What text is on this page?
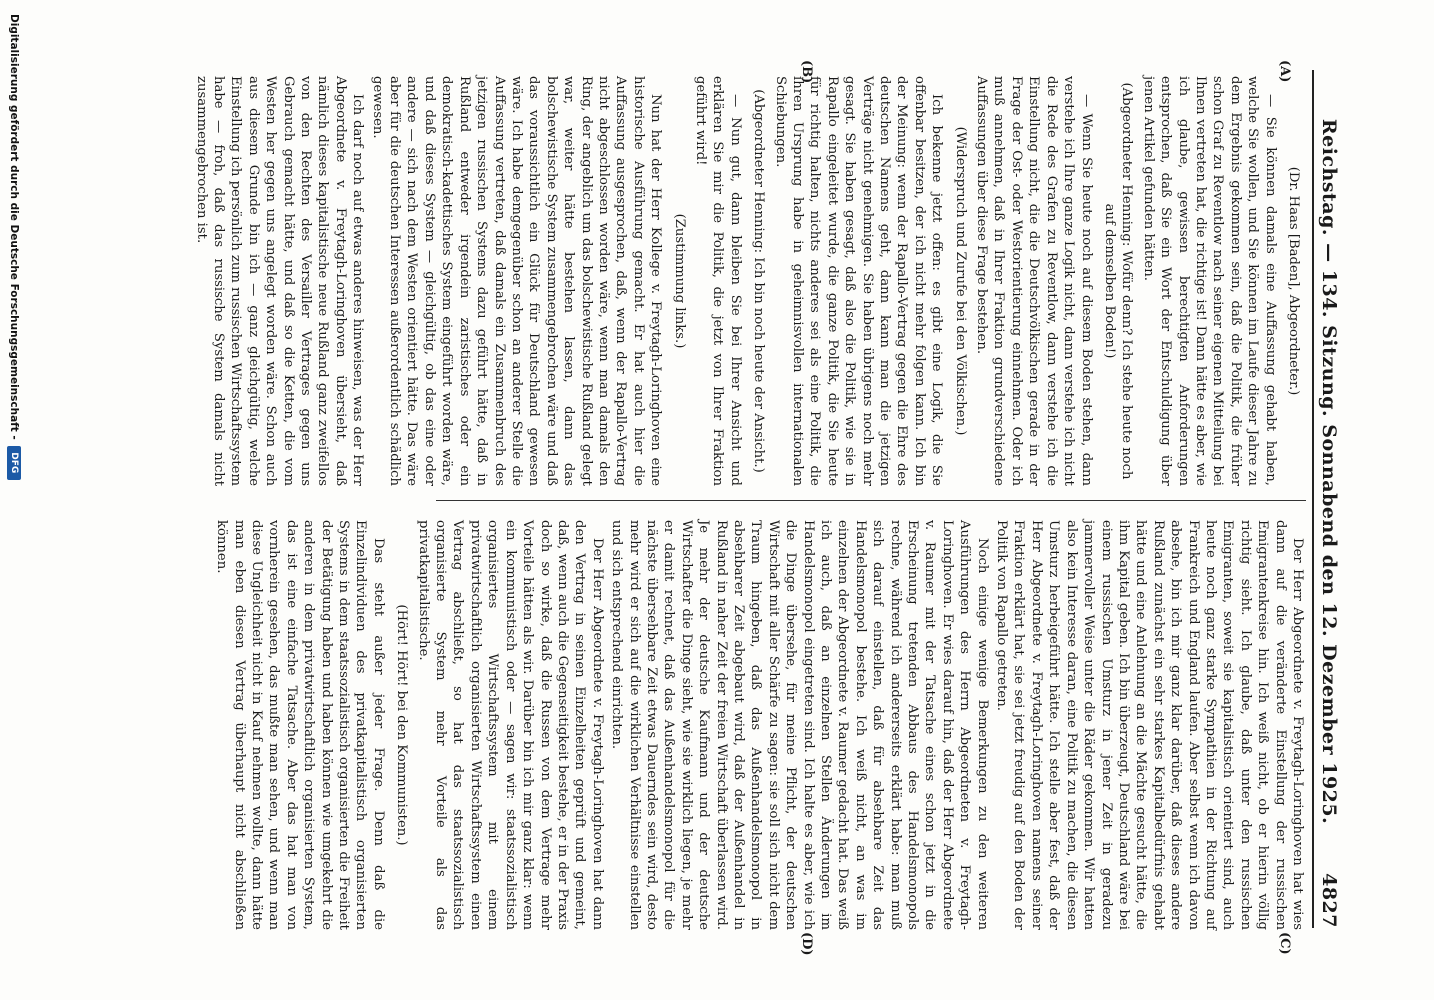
Reichstag. — 134. Sitzung. Sonnabend den 12. Dezember 1925.
4827
(A)
(B)
(C)
(D)

(Dr. Haas [Baden], Abgeordneter.)

— Sie können damals eine Auffassung gehabt haben, welche Sie wollen, und Sie können im Laufe dieser Jahre zu dem Ergebnis gekommen sein, daß die Politik, die früher schon Graf zu Reventlow nach seiner eigenen Mitteilung bei Ihnen vertreten hat, die richtige ist! Dann hätte es aber, wie ich glaube, gewissen berechtigten Anforderungen entsprochen, daß Sie ein Wort der Entschuldigung über jenen Artikel gefunden hätten.

(Abgeordneter Henning: Wofür denn? Ich stehe heute noch auf demselben Boden!)

— Wenn Sie heute noch auf diesem Boden stehen, dann verstehe ich Ihre ganze Logik nicht, dann verstehe ich nicht die Rede des Grafen zu Reventlow, dann verstehe ich die Einstellung nicht, die die Deutschvölkischen gerade in der Frage der Ost- oder Westorientierung einnehmen. Oder ich muß annehmen, daß in Ihrer Fraktion grundverschiedene Auffassungen über diese Frage bestehen.

(Widerspruch und Zurufe bei den Völkischen.)

Ich bekenne jetzt offen: es gibt eine Logik, die Sie offenbar besitzen, der ich nicht mehr folgen kann. Ich bin der Meinung: wenn der Rapallo-Vertrag gegen die Ehre des deutschen Namens geht, dann kann man die jetzigen Verträge nicht genehmigen. Sie haben übrigens noch mehr gesagt. Sie haben gesagt, daß also die Politik, wie sie in Rapallo eingeleitet wurde, die ganze Politik, die Sie heute für richtig halten, nichts anderes sei als eine Politik, die ihren Ursprung habe in geheimnisvollen internationalen Schiebungen.

(Abgeordneter Henning: Ich bin noch heute der Ansicht.)

— Nun gut, dann bleiben Sie bei Ihrer Ansicht und erklären Sie mir die Politik, die jetzt von Ihrer Fraktion geführt wird!

(Zustimmung links.)

Nun hat der Herr Kollege v. Freytagh-Loringhoven eine historische Ausführung gemacht. Er hat auch hier die Auffassung ausgesprochen, daß, wenn der Rapallo-Vertrag nicht abgeschlossen worden wäre, wenn man damals den Ring, der angeblich um das bolschewistische Rußland gelegt war, weiter hätte bestehen lassen, dann das bolschewistische System zusammengebrochen wäre und daß das voraussichtlich ein Glück für Deutschland gewesen wäre. Ich habe demgegenüber schon an anderer Stelle die Auffassung vertreten, daß damals ein Zusammenbruch des jetzigen russischen Systems dazu geführt hätte, daß in Rußland entweder irgendein zaristisches oder ein demokratisch-kadettisches System eingeführt worden wäre, und daß dieses System — gleichgültig, ob das eine oder andere — sich nach dem Westen orientiert hätte. Das wäre aber für die deutschen Interessen außerordentlich schädlich gewesen.

Ich darf noch auf etwas anderes hinweisen, was der Herr Abgeordnete v. Freytagh-Loringhoven übersieht, daß nämlich dieses kapitalistische neue Rußland ganz zweifellos von den Rechten des Versailler Vertrages gegen uns Gebrauch gemacht hätte, und daß so die Ketten, die vom Westen her gegen uns angelegt worden wäre. Schon auch aus diesem Grunde bin ich — ganz gleichgültig, welche Einstellung ich persönlich zum russischen Wirtschaftssystem habe — froh, daß das russische System damals nicht zusammengebrochen ist.

Der Herr Abgeordnete v. Freytagh-Loringhoven hat wies dann auf die veränderte Einstellung der russischen Emigrantenkreise hin. Ich weiß nicht, ob er hierin völlig richtig sieht. Ich glaube, daß unter den russischen Emigranten, soweit sie kapitalistisch orientiert sind, auch heute noch ganz starke Sympathien in der Richtung auf Frankreich und England laufen. Aber selbst wenn ich davon absehe, bin ich mir ganz klar darüber, daß dieses andere Rußland zunächst ein sehr starkes Kapitalbedürfnis gehabt hätte und eine Anlehnung an die Mächte gesucht hätte, die ihm Kapital geben. Ich bin überzeugt, Deutschland wäre bei einem russischen Umsturz in jener Zeit in geradezu jammervoller Weise unter die Räder gekommen. Wir hatten also kein Interesse daran, eine Politik zu machen, die diesen Umsturz herbeigeführt hätte. Ich stelle aber fest, daß der Herr Abgeordnete v. Freytagh-Loringhoven namens seiner Fraktion erklärt hat, sie sei jetzt freudig auf den Boden der Politik von Rapallo getreten.

Noch einige wenige Bemerkungen zu den weiteren Ausführungen des Herrn Abgeordneten v. Freytagh-Loringhoven. Er wies darauf hin, daß der Herr Abgeordnete v. Raumer mit der Tatsache eines schon jetzt in die Erscheinung tretenden Abbaus des Handelsmonopols rechne, während ich andererseits erklärt habe: man muß sich darauf einstellen, daß für absehbare Zeit das Handelsmonopol bestehe. Ich weiß nicht, an was im einzelnen der Abgeordnete v. Raumer gedacht hat. Das weiß ich auch, daß an einzelnen Stellen Änderungen im Handelsmonopol eingetreten sind. Ich halte es aber, wie ich die Dinge übersehe, für meine Pflicht, der deutschen Wirtschaft mit aller Schärfe zu sagen: sie soll sich nicht dem Traum hingeben, daß das Außenhandelsmonopol in absehbarer Zeit abgebaut wird, daß der Außenhandel in Rußland in naher Zeit der freien Wirtschaft überlassen wird. Je mehr der deutsche Kaufmann und der deutsche Wirtschafter die Dinge sieht, wie sie wirklich liegen, je mehr er damit rechnet, daß das Außenhandelsmonopol für die nächste übersehbare Zeit etwas Dauerndes sein wird, desto mehr wird er sich auf die wirklichen Verhältnisse einstellen und sich entsprechend einrichten.

Der Herr Abgeordnete v. Freytagh-Loringhoven hat dann den Vertrag in seinen Einzelheiten geprüft und gemeint, daß, wenn auch die Gegenseitigkeit bestehe, er in der Praxis doch so wirke, daß die Russen von dem Vertrage mehr Vorteile hätten als wir. Darüber bin ich mir ganz klar: wenn ein kommunistisch oder — sagen wir: staatssozialistisch organisiertes Wirtschaftssystem mit einem privatwirtschaftlich organisierten Wirtschaftssystem einen Vertrag abschließt, so hat das staatssozialistisch organisierte System mehr Vorteile als das privatkapitalistische.

(Hört! Hört! bei den Kommunisten.)

Das steht außer jeder Frage. Denn daß die Einzelindividuen des privatkapitalistisch organisierten Systems in dem staatssozialistisch organisierten die Freiheit der Betätigung haben und haben können wie umgekehrt die anderen in dem privatwirtschaftlich organisierten System, das ist eine einfache Tatsache. Aber das hat man von vornherein gesehen, das mußte man sehen, und wenn man diese Ungleichheit nicht in Kauf nehmen wollte, dann hätte man eben diesen Vertrag überhaupt nicht abschließen können.

Digitalisierung gefördert durch die Deutsche Forschungsgemeinschaft -
DFG
